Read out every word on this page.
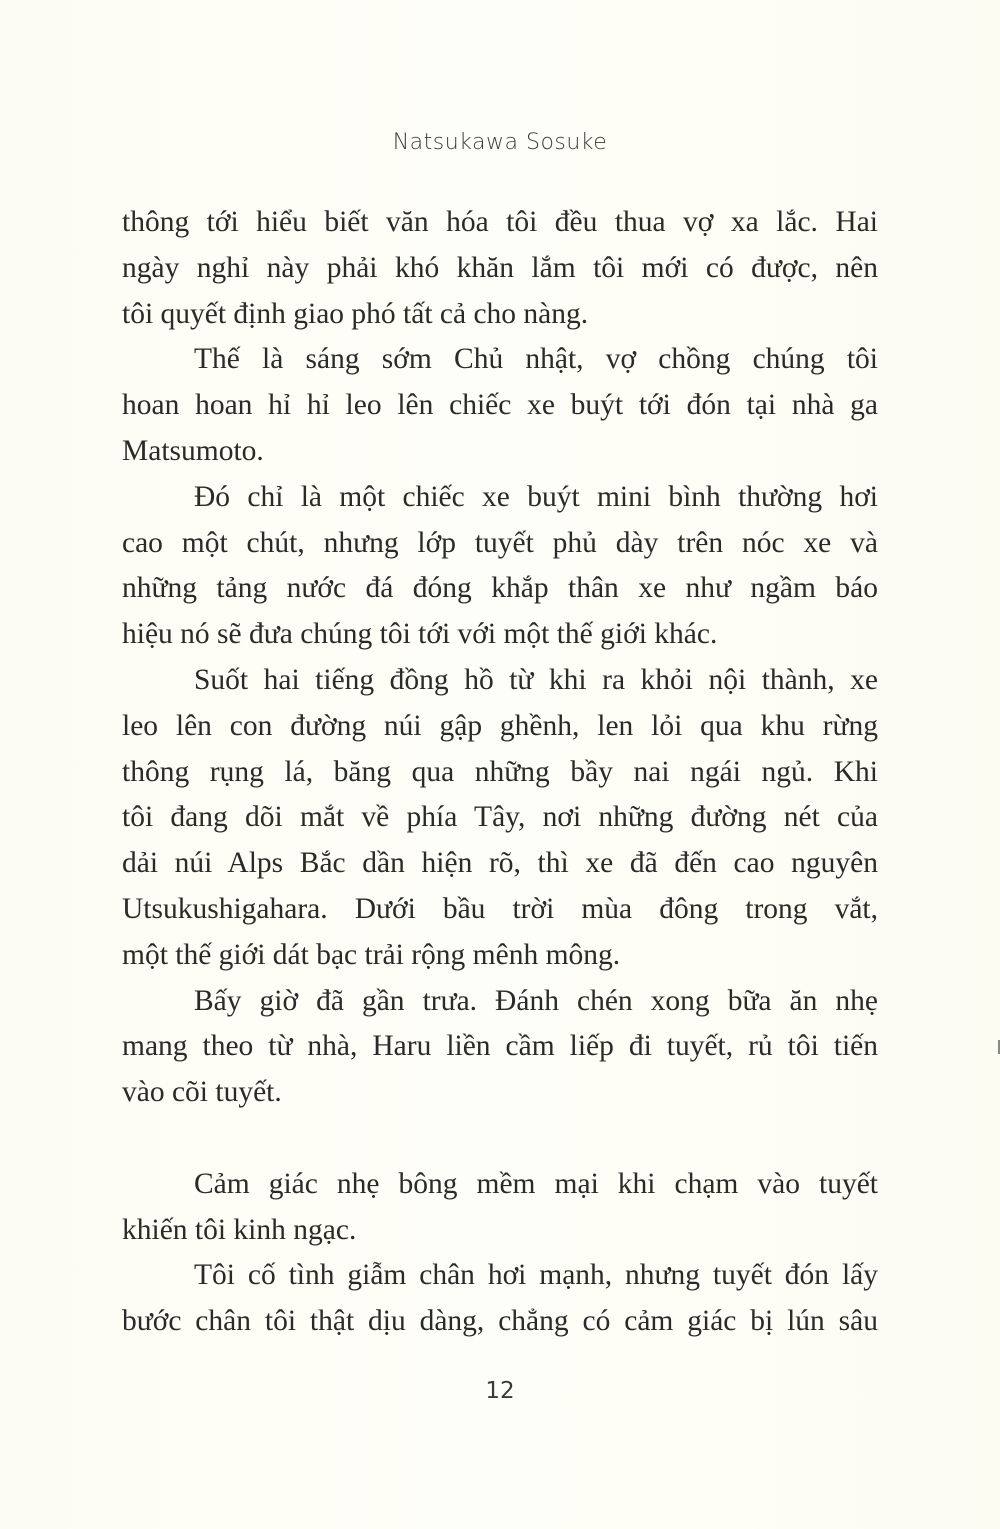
Natsukawa Sosuke
thông tới hiểu biết văn hóa tôi đều thua vợ xa lắc. Hai
ngày nghỉ này phải khó khăn lắm tôi mới có được, nên
tôi quyết định giao phó tất cả cho nàng.
Thế là sáng sớm Chủ nhật, vợ chồng chúng tôi
hoan hoan hỉ hỉ leo lên chiếc xe buýt tới đón tại nhà ga
Matsumoto.
Đó chỉ là một chiếc xe buýt mini bình thường hơi
cao một chút, nhưng lớp tuyết phủ dày trên nóc xe và
những tảng nước đá đóng khắp thân xe như ngầm báo
hiệu nó sẽ đưa chúng tôi tới với một thế giới khác.
Suốt hai tiếng đồng hồ từ khi ra khỏi nội thành, xe
leo lên con đường núi gập ghềnh, len lỏi qua khu rừng
thông rụng lá, băng qua những bầy nai ngái ngủ. Khi
tôi đang dõi mắt về phía Tây, nơi những đường nét của
dải núi Alps Bắc dần hiện rõ, thì xe đã đến cao nguyên
Utsukushigahara. Dưới bầu trời mùa đông trong vắt,
một thế giới dát bạc trải rộng mênh mông.
Bấy giờ đã gần trưa. Đánh chén xong bữa ăn nhẹ
mang theo từ nhà, Haru liền cầm liếp đi tuyết, rủ tôi tiến
vào cõi tuyết.
Cảm giác nhẹ bông mềm mại khi chạm vào tuyết
khiến tôi kinh ngạc.
Tôi cố tình giẫm chân hơi mạnh, nhưng tuyết đón lấy
bước chân tôi thật dịu dàng, chẳng có cảm giác bị lún sâu
12
